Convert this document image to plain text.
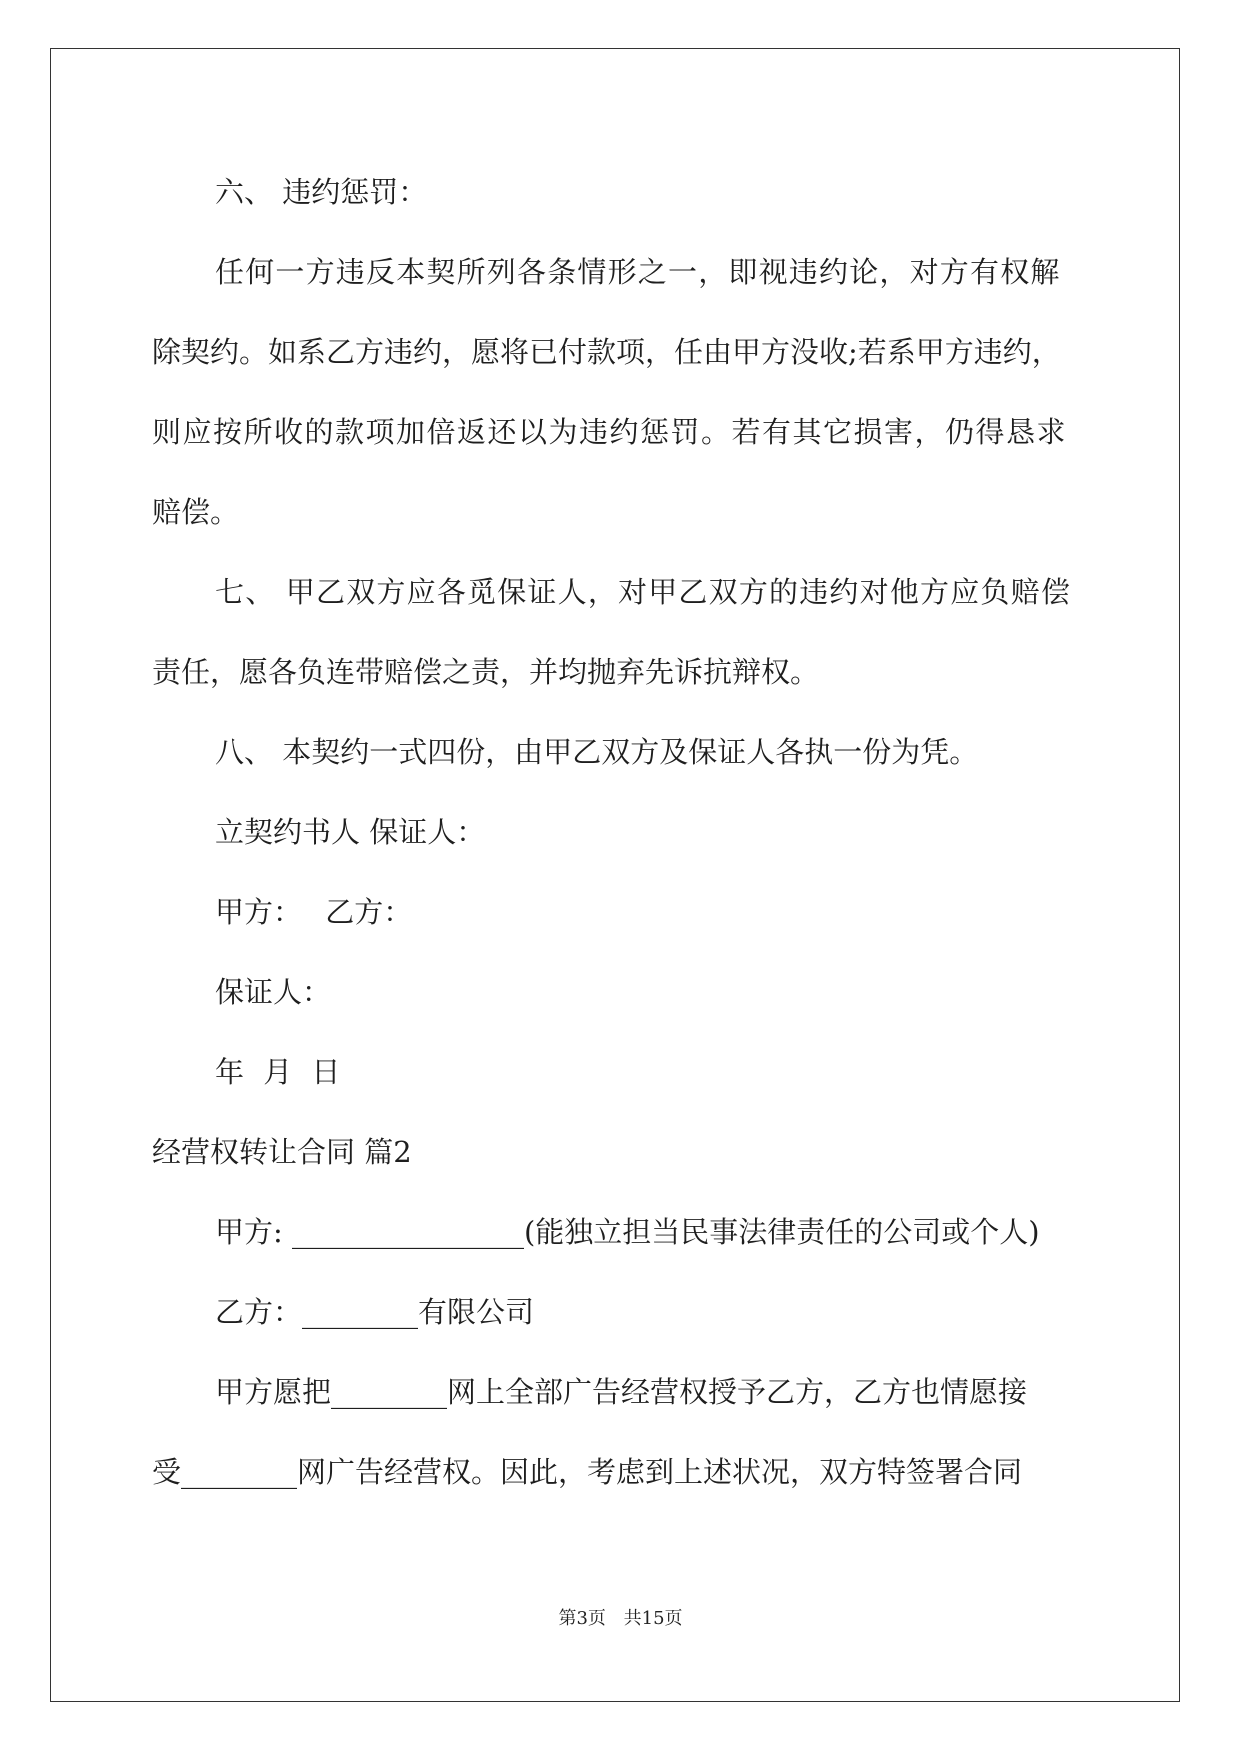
六、 违约惩罚：

任何一方违反本契所列各条情形之一，即视违约论，对方有权解

除契约。如系乙方违约，愿将已付款项，任由甲方没收;若系甲方违约，

则应按所收的款项加倍返还以为违约惩罚。若有其它损害，仍得恳求

赔偿。

七、 甲乙双方应各觅保证人，对甲乙双方的违约对他方应负赔偿

责任，愿各负连带赔偿之责，并均抛弃先诉抗辩权。

八、 本契约一式四份，由甲乙双方及保证人各执一份为凭。

立契约书人 保证人：

甲方： 乙方：

保证人：

年 月 日

经营权转让合同 篇2

甲方: ________________(能独立担当民事法律责任的公司或个人)

乙方：________有限公司

甲方愿把________网上全部广告经营权授予乙方，乙方也情愿接

受________网广告经营权。因此，考虑到上述状况，双方特签署合同

第3页 共15页
